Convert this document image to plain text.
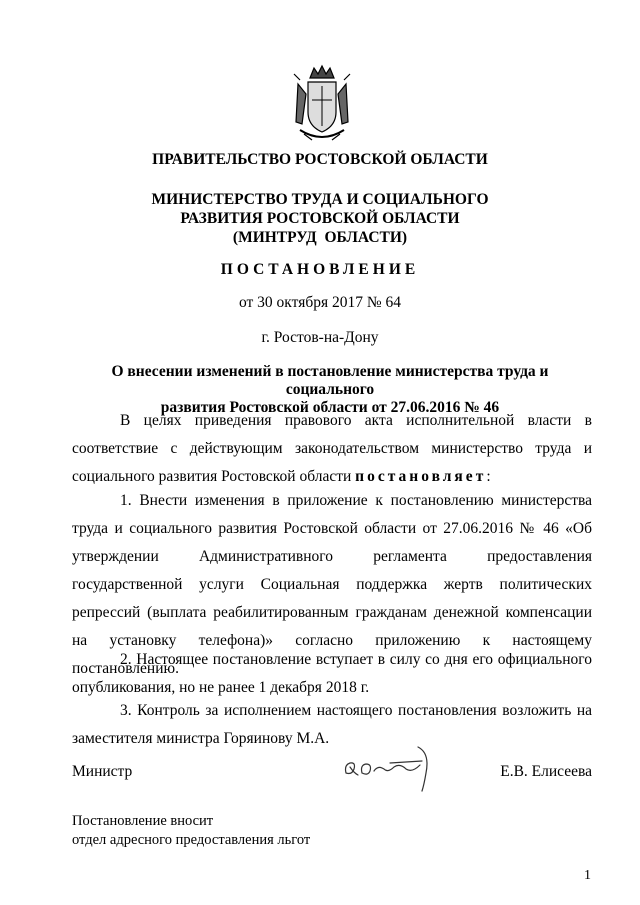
ПРАВИТЕЛЬСТВО РОСТОВСКОЙ ОБЛАСТИ
МИНИСТЕРСТВО ТРУДА И СОЦИАЛЬНОГО
РАЗВИТИЯ РОСТОВСКОЙ ОБЛАСТИ
(МИНТРУД  ОБЛАСТИ)
ПОСТАНОВЛЕНИЕ
от 30 октября 2017 № 64
г. Ростов-на-Дону
О внесении изменений в постановление министерства труда и социального
развития Ростовской области от 27.06.2016 № 46
В целях приведения правового акта исполнительной власти в соответствие с действующим законодательством министерство труда и социального развития Ростовской области постановляет:
1. Внести изменения в приложение к постановлению министерства труда и социального развития Ростовской области от 27.06.2016 № 46 «Об утверждении Административного регламента предоставления государственной услуги Социальная поддержка жертв политических репрессий (выплата реабилитированным гражданам денежной компенсации на установку телефона)» согласно приложению к настоящему постановлению.
2. Настоящее постановление вступает в силу со дня его официального опубликования, но не ранее 1 декабря 2018 г.
3. Контроль за исполнением настоящего постановления возложить на заместителя министра Горяинову М.А.
Министр	Е.В. Елисеева
Постановление вносит
отдел адресного предоставления льгот
1
